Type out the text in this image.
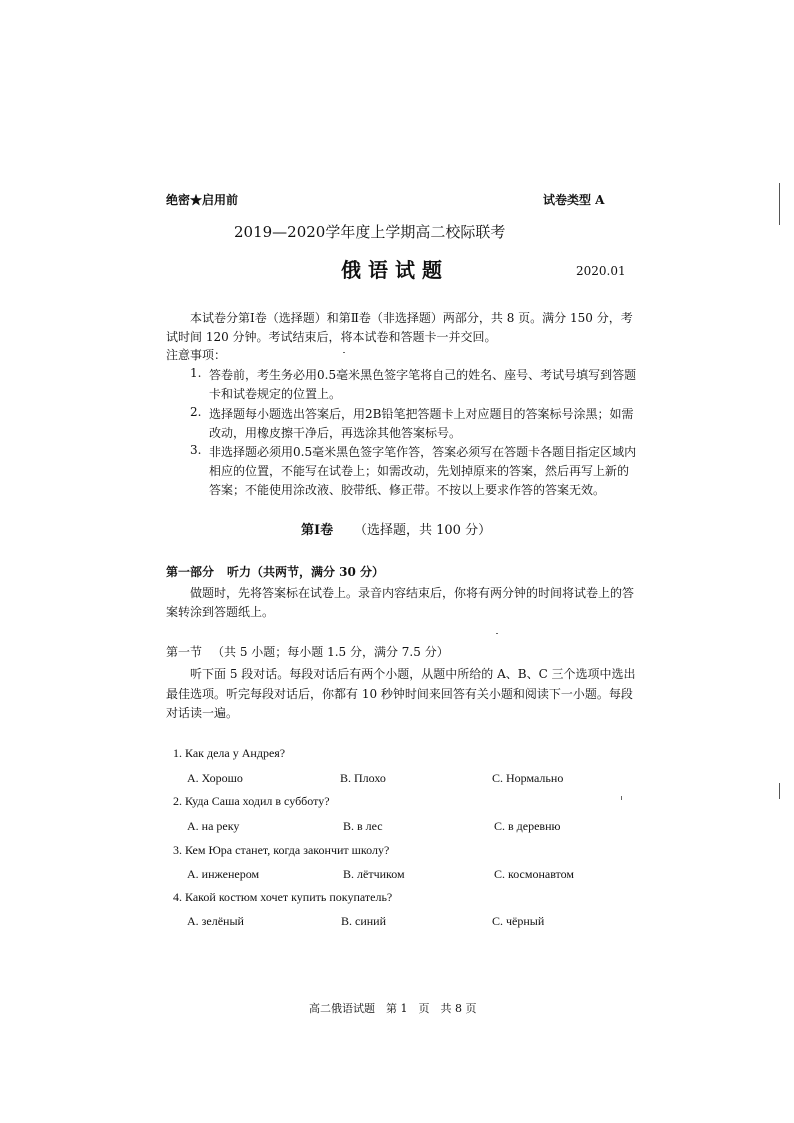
绝密★启用前	试卷类型 A
2019—2020学年度上学期高二校际联考
俄语试题	2020.01
本试卷分第Ⅰ卷（选择题）和第Ⅱ卷（非选择题）两部分，共 8 页。满分 150 分，考
试时间 120 分钟。考试结束后，将本试卷和答题卡一并交回。
注意事项：
1. 答卷前，考生务必用0.5毫米黑色签字笔将自己的姓名、座号、考试号填写到答题
卡和试卷规定的位置上。
2. 选择题每小题选出答案后，用2B铅笔把答题卡上对应题目的答案标号涂黑；如需
改动，用橡皮擦干净后，再选涂其他答案标号。
3. 非选择题必须用0.5毫米黑色签字笔作答，答案必须写在答题卡各题目指定区域内
相应的位置，不能写在试卷上；如需改动，先划掉原来的答案，然后再写上新的
答案；不能使用涂改液、胶带纸、修正带。不按以上要求作答的答案无效。
第Ⅰ卷 （选择题，共 100 分）
第一部分 听力（共两节，满分 30 分）
做题时，先将答案标在试卷上。录音内容结束后，你将有两分钟的时间将试卷上的答
案转涂到答题纸上。
第一节 （共 5 小题；每小题 1.5 分，满分 7.5 分）
听下面 5 段对话。每段对话后有两个小题，从题中所给的 A、B、C 三个选项中选出
最佳选项。听完每段对话后，你都有 10 秒钟时间来回答有关小题和阅读下一小题。每段
对话读一遍。
1. Как дела у Андрея?
A. Хорошо	B. Плохо	C. Нормально
2. Куда Саша ходил в субботу?
A. на реку	B. в лес	C. в деревню
3. Кем Юра станет, когда закончит школу?
A. инженером	B. лётчиком	C. космонавтом
4. Какой костюм хочет купить покупатель?
A. зелёный	B. синий	C. чёрный
高二俄语试题　第 1　页　共 8 页
